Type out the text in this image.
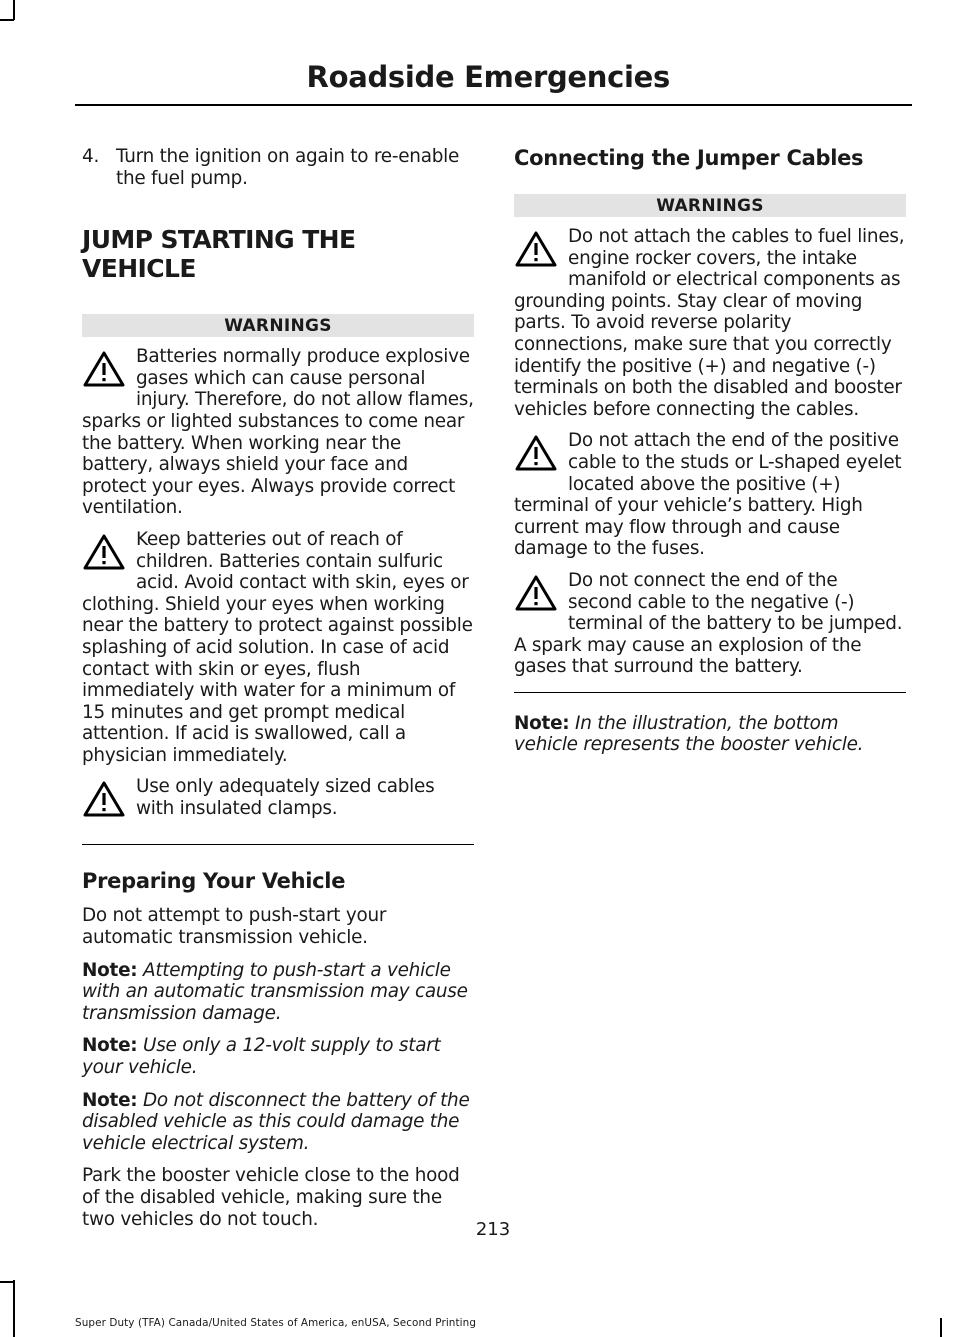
Roadside Emergencies
4. Turn the ignition on again to re-enable the fuel pump.
JUMP STARTING THE VEHICLE
WARNINGS
Batteries normally produce explosive gases which can cause personal injury. Therefore, do not allow flames, sparks or lighted substances to come near the battery. When working near the battery, always shield your face and protect your eyes. Always provide correct ventilation.
Keep batteries out of reach of children. Batteries contain sulfuric acid. Avoid contact with skin, eyes or clothing. Shield your eyes when working near the battery to protect against possible splashing of acid solution. In case of acid contact with skin or eyes, flush immediately with water for a minimum of 15 minutes and get prompt medical attention. If acid is swallowed, call a physician immediately.
Use only adequately sized cables with insulated clamps.
Preparing Your Vehicle
Do not attempt to push-start your automatic transmission vehicle.
Note: Attempting to push-start a vehicle with an automatic transmission may cause transmission damage.
Note: Use only a 12-volt supply to start your vehicle.
Note: Do not disconnect the battery of the disabled vehicle as this could damage the vehicle electrical system.
Park the booster vehicle close to the hood of the disabled vehicle, making sure the two vehicles do not touch.
Connecting the Jumper Cables
WARNINGS
Do not attach the cables to fuel lines, engine rocker covers, the intake manifold or electrical components as grounding points. Stay clear of moving parts. To avoid reverse polarity connections, make sure that you correctly identify the positive (+) and negative (-) terminals on both the disabled and booster vehicles before connecting the cables.
Do not attach the end of the positive cable to the studs or L-shaped eyelet located above the positive (+) terminal of your vehicle’s battery. High current may flow through and cause damage to the fuses.
Do not connect the end of the second cable to the negative (-) terminal of the battery to be jumped. A spark may cause an explosion of the gases that surround the battery.
Note: In the illustration, the bottom vehicle represents the booster vehicle.
213
Super Duty (TFA) Canada/United States of America, enUSA, Second Printing
